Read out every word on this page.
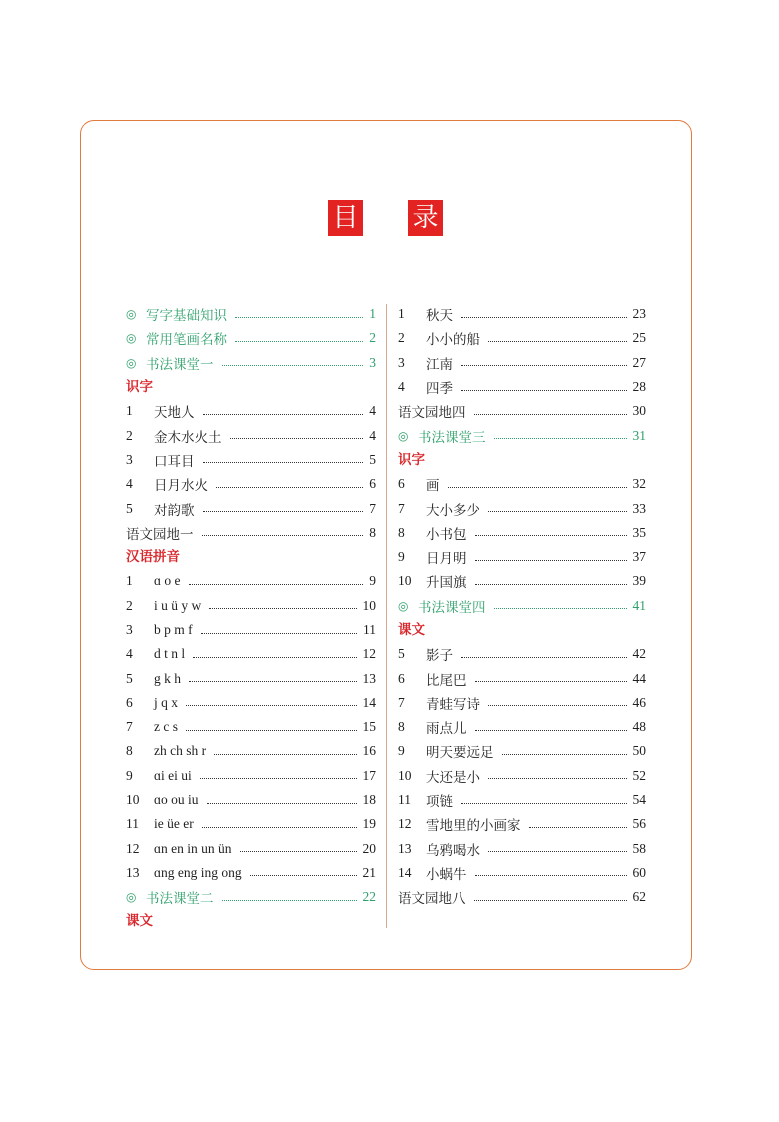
目 录
◎ 写字基础知识	1
◎ 常用笔画名称	2
◎ 书法课堂一	3
识字
1	天地人	4
2	金木水火土	4
3	口耳目	5
4	日月水火	6
5	对韵歌	7
语文园地一	8
汉语拼音
1	ɑ o e	9
2	i u ü y w	10
3	b p m f	11
4	d t n l	12
5	g k h	13
6	j q x	14
7	z c s	15
8	zh ch sh r	16
9	ɑi ei ui	17
10	ɑo ou iu	18
11	ie üe er	19
12	ɑn en in un ün	20
13	ɑng eng ing ong	21
◎ 书法课堂二	22
课文
1	秋天	23
2	小小的船	25
3	江南	27
4	四季	28
语文园地四	30
◎ 书法课堂三	31
识字
6	画	32
7	大小多少	33
8	小书包	35
9	日月明	37
10	升国旗	39
◎ 书法课堂四	41
课文
5	影子	42
6	比尾巴	44
7	青蛙写诗	46
8	雨点儿	48
9	明天要远足	50
10	大还是小	52
11	项链	54
12	雪地里的小画家	56
13	乌鸦喝水	58
14	小蜗牛	60
语文园地八	62
